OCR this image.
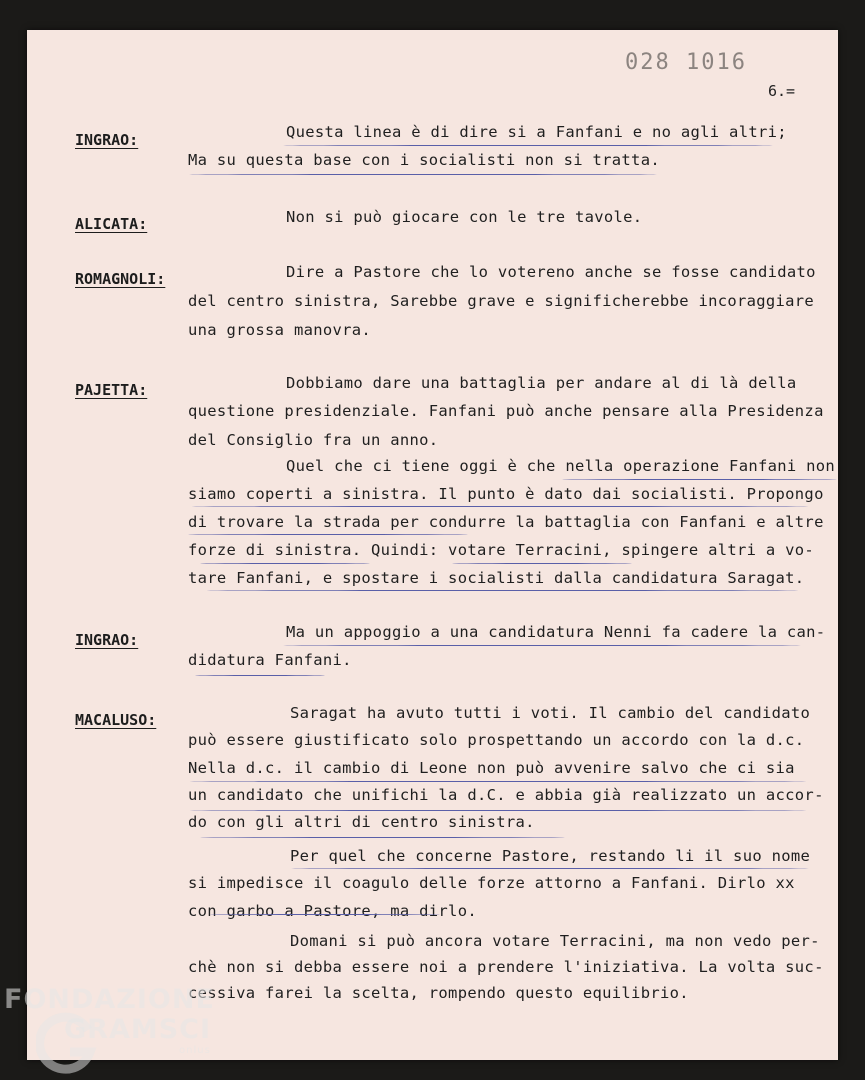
028 1016
6.=
INGRAO:	Questa linea è di dire si a Fanfani e no agli altri;
Ma su questa base con i socialisti non si tratta.
ALICATA:	Non si può giocare con le tre tavole.
ROMAGNOLI:	Dire a Pastore che lo votereno anche se fosse candidato
del centro sinistra, Sarebbe grave e significherebbe incoraggiare
una grossa manovra.
PAJETTA:	Dobbiamo dare una battaglia per andare al di là della
questione presidenziale. Fanfani può anche pensare alla Presidenza
del Consiglio fra un anno.
Quel che ci tiene oggi è che nella operazione Fanfani non
siamo coperti a sinistra. Il punto è dato dai socialisti. Propongo
di trovare la strada per condurre la battaglia con Fanfani e altre
forze di sinistra. Quindi: votare Terracini, spingere altri a vo-
tare Fanfani, e spostare i socialisti dalla candidatura Saragat.
INGRAO:	Ma un appoggio a una candidatura Nenni fa cadere la can-
didatura Fanfani.
MACALUSO:	Saragat ha avuto tutti i voti. Il cambio del candidato
può essere giustificato solo prospettando un accordo con la d.c.
Nella d.c. il cambio di Leone non può avvenire salvo che ci sia
un candidato che unifichi la d.C. e abbia già realizzato un accor-
do con gli altri di centro sinistra.
Per quel che concerne Pastore, restando li il suo nome
si impedisce il coagulo delle forze attorno a Fanfani. Dirlo xx
con garbo a Pastore, ma dirlo.
Domani si può ancora votare Terracini, ma non vedo per-
chè non si debba essere noi a prendere l'iniziativa. La volta suc-
cessiva farei la scelta, rompendo questo equilibrio.
FONDAZIONE
GRAMSCI
onlus
